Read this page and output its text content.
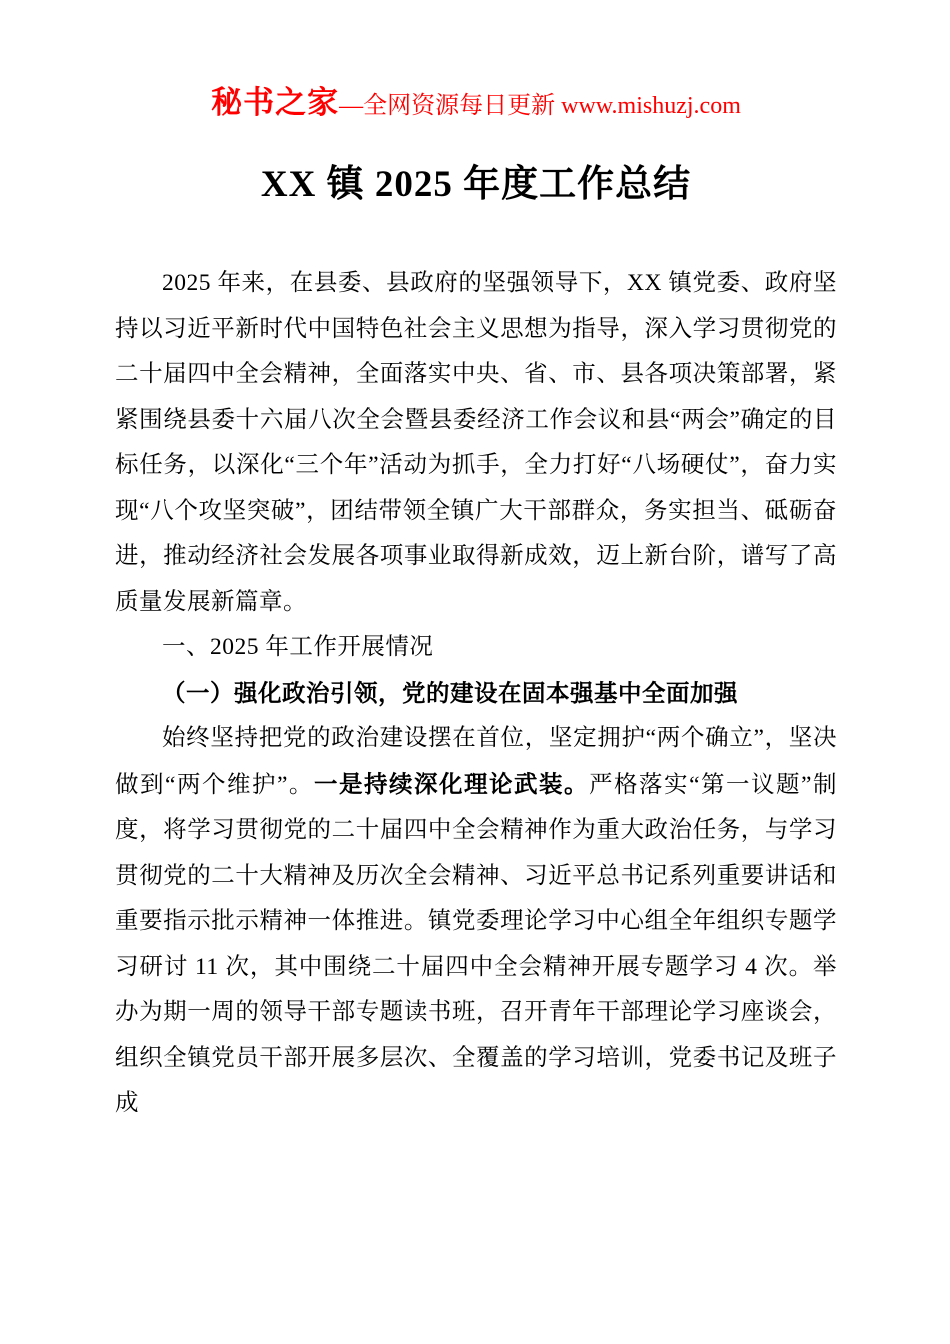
秘书之家—全网资源每日更新 www.mishuzj.com
XX 镇 2025 年度工作总结

2025 年来，在县委、县政府的坚强领导下，XX 镇党委、政府坚持以习近平新时代中国特色社会主义思想为指导，深入学习贯彻党的二十届四中全会精神，全面落实中央、省、市、县各项决策部署，紧紧围绕县委十六届八次全会暨县委经济工作会议和县“两会”确定的目标任务，以深化“三个年”活动为抓手，全力打好“八场硬仗”，奋力实现“八个攻坚突破”，团结带领全镇广大干部群众，务实担当、砥砺奋进，推动经济社会发展各项事业取得新成效，迈上新台阶，谱写了高质量发展新篇章。

一、2025 年工作开展情况

（一）强化政治引领，党的建设在固本强基中全面加强

始终坚持把党的政治建设摆在首位，坚定拥护“两个确立”，坚决做到“两个维护”。一是持续深化理论武装。严格落实“第一议题”制度，将学习贯彻党的二十届四中全会精神作为重大政治任务，与学习贯彻党的二十大精神及历次全会精神、习近平总书记系列重要讲话和重要指示批示精神一体推进。镇党委理论学习中心组全年组织专题学习研讨 11 次，其中围绕二十届四中全会精神开展专题学习 4 次。举办为期一周的领导干部专题读书班，召开青年干部理论学习座谈会，组织全镇党员干部开展多层次、全覆盖的学习培训，党委书记及班子成
